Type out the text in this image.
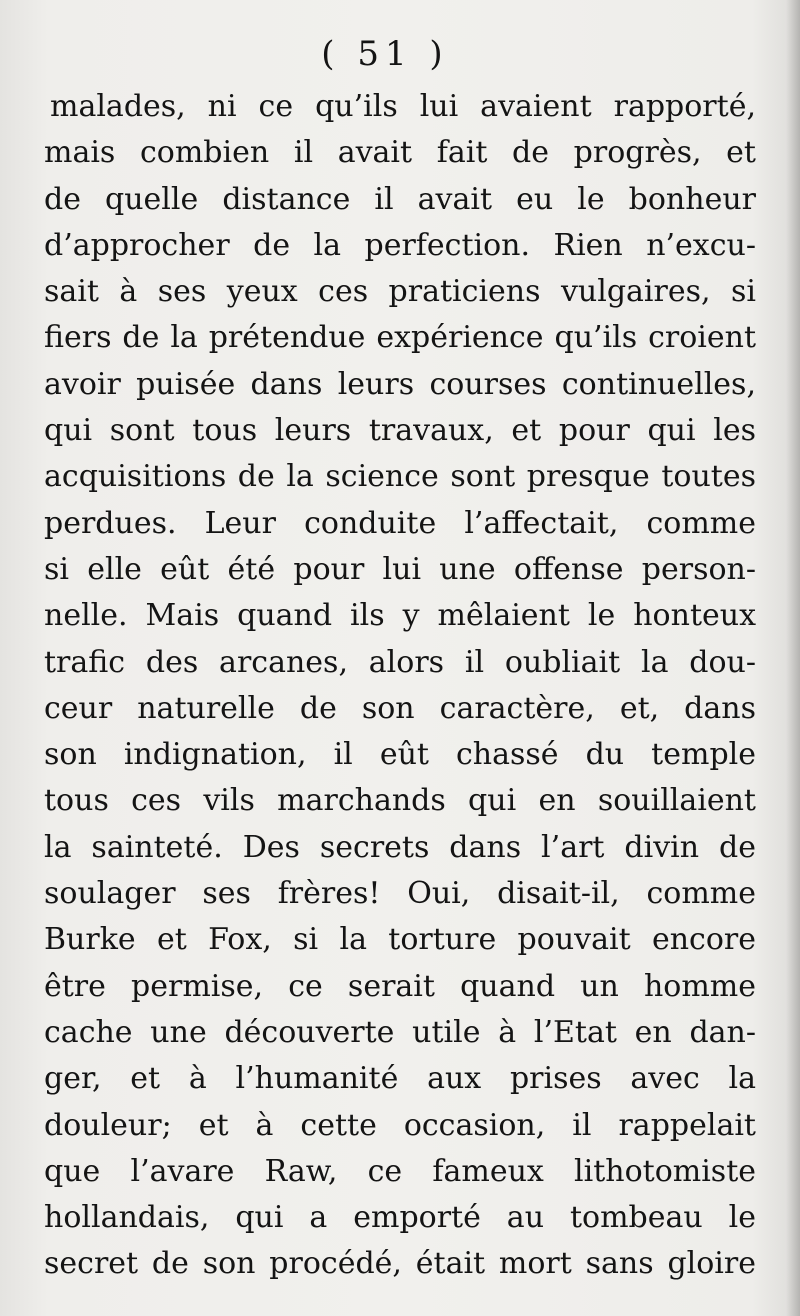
( 51 )
malades, ni ce qu’ils lui avaient rapporté,
mais combien il avait fait de progrès, et
de quelle distance il avait eu le bonheur
d’approcher de la perfection. Rien n’excu-
sait à ses yeux ces praticiens vulgaires, si
fiers de la prétendue expérience qu’ils croient
avoir puisée dans leurs courses continuelles,
qui sont tous leurs travaux, et pour qui les
acquisitions de la science sont presque toutes
perdues. Leur conduite l’affectait, comme
si elle eût été pour lui une offense person-
nelle. Mais quand ils y mêlaient le honteux
trafic des arcanes, alors il oubliait la dou-
ceur naturelle de son caractère, et, dans
son indignation, il eût chassé du temple
tous ces vils marchands qui en souillaient
la sainteté. Des secrets dans l’art divin de
soulager ses frères! Oui, disait-il, comme
Burke et Fox, si la torture pouvait encore
être permise, ce serait quand un homme
cache une découverte utile à l’Etat en dan-
ger, et à l’humanité aux prises avec la
douleur; et à cette occasion, il rappelait
que l’avare Raw, ce fameux lithotomiste
hollandais, qui a emporté au tombeau le
secret de son procédé, était mort sans gloire
